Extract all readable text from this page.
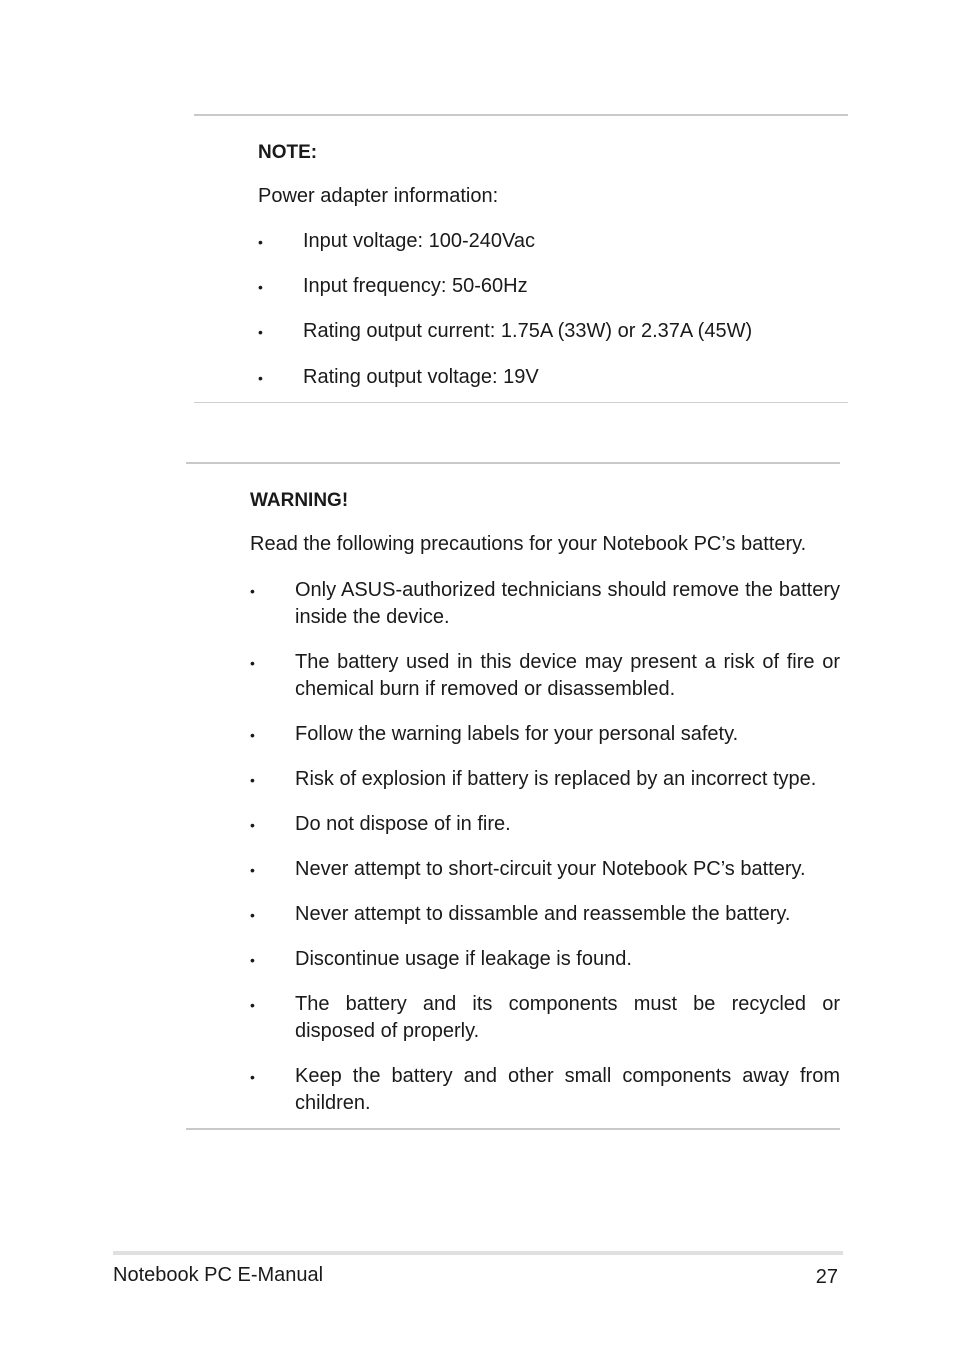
NOTE:
Power adapter information:
• Input voltage: 100-240Vac
• Input frequency: 50-60Hz
• Rating output current: 1.75A (33W) or 2.37A (45W)
• Rating output voltage: 19V
WARNING!
Read the following precautions for your Notebook PC’s battery.
• Only ASUS-authorized technicians should remove the battery inside the device.
• The battery used in this device may present a risk of fire or chemical burn if removed or disassembled.
• Follow the warning labels for your personal safety.
• Risk of explosion if battery is replaced by an incorrect type.
• Do not dispose of in fire.
• Never attempt to short-circuit your Notebook PC’s battery.
• Never attempt to dissamble and reassemble the battery.
• Discontinue usage if leakage is found.
• The battery and its components must be recycled or disposed of properly.
• Keep the battery and other small components away from children.
Notebook PC E-Manual	27
